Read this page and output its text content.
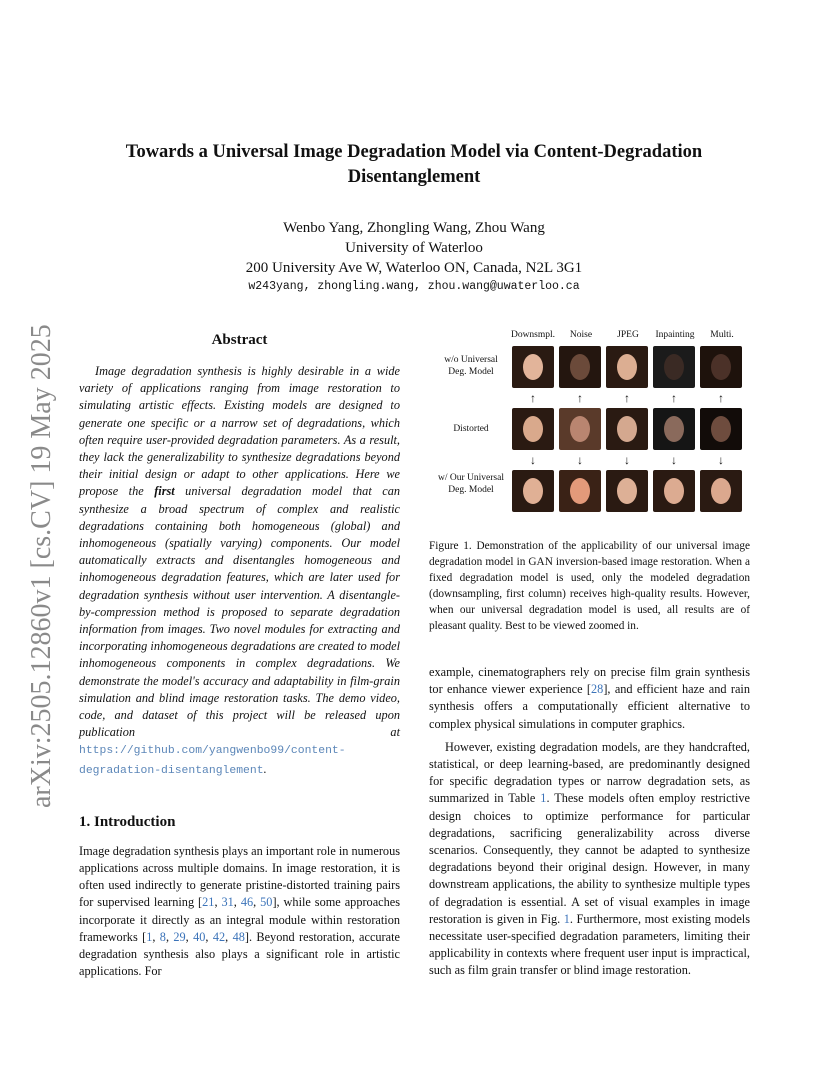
arXiv:2505.12860v1 [cs.CV] 19 May 2025
Towards a Universal Image Degradation Model via Content-Degradation
Disentanglement
Wenbo Yang, Zhongling Wang, Zhou Wang
University of Waterloo
200 University Ave W, Waterloo ON, Canada, N2L 3G1
w243yang, zhongling.wang, zhou.wang@uwaterloo.ca
Abstract

Image degradation synthesis is highly desirable in a wide variety of applications ranging from image restoration to simulating artistic effects. Existing models are designed to generate one specific or a narrow set of degradations, which often require user-provided degradation parameters. As a result, they lack the generalizability to synthesize degradations beyond their initial design or adapt to other applications. Here we propose the first universal degradation model that can synthesize a broad spectrum of complex and realistic degradations containing both homogeneous (global) and inhomogeneous (spatially varying) components. Our model automatically extracts and disentangles homogeneous and inhomogeneous degradation features, which are later used for degradation synthesis without user intervention. A disentangle-by-compression method is proposed to separate degradation information from images. Two novel modules for extracting and incorporating inhomogeneous degradations are created to model inhomogeneous components in complex degradations. We demonstrate the model's accuracy and adaptability in film-grain simulation and blind image restoration tasks. The demo video, code, and dataset of this project will be released upon publication at https://github.com/yangwenbo99/content-degradation-disentanglement.

1. Introduction

Image degradation synthesis plays an important role in numerous applications across multiple domains. In image restoration, it is often used indirectly to generate pristine-distorted training pairs for supervised learning [21, 31, 46, 50], while some approaches incorporate it directly as an integral module within restoration frameworks [1, 8, 29, 40, 42, 48]. Beyond restoration, accurate degradation synthesis also plays a significant role in artistic applications. For

Downsmpl.	Noise	JPEG	Inpainting	Multi.
w/o Universal Deg. Model
Distorted
w/ Our Universal Deg. Model
↑	↑	↑	↑	↑
↓	↓	↓	↓	↓

Figure 1. Demonstration of the applicability of our universal image degradation model in GAN inversion-based image restoration. When a fixed degradation model is used, only the modeled degradation (downsampling, first column) receives high-quality results. However, when our universal degradation model is used, all results are of pleasant quality. Best to be viewed zoomed in.

example, cinematographers rely on precise film grain synthesis tor enhance viewer experience [28], and efficient haze and rain synthesis offers a computationally efficient alternative to complex physical simulations in computer graphics.

However, existing degradation models, are they handcrafted, statistical, or deep learning-based, are predominantly designed for specific degradation types or narrow degradation sets, as summarized in Table 1. These models often employ restrictive design choices to optimize performance for particular degradations, sacrificing generalizability across diverse scenarios. Consequently, they cannot be adapted to synthesize degradations beyond their original design. However, in many downstream applications, the ability to synthesize multiple types of degradation is essential. A set of visual examples in image restoration is given in Fig. 1. Furthermore, most existing models necessitate user-specified degradation parameters, limiting their applicability in contexts where frequent user input is impractical, such as film grain transfer or blind image restoration.
